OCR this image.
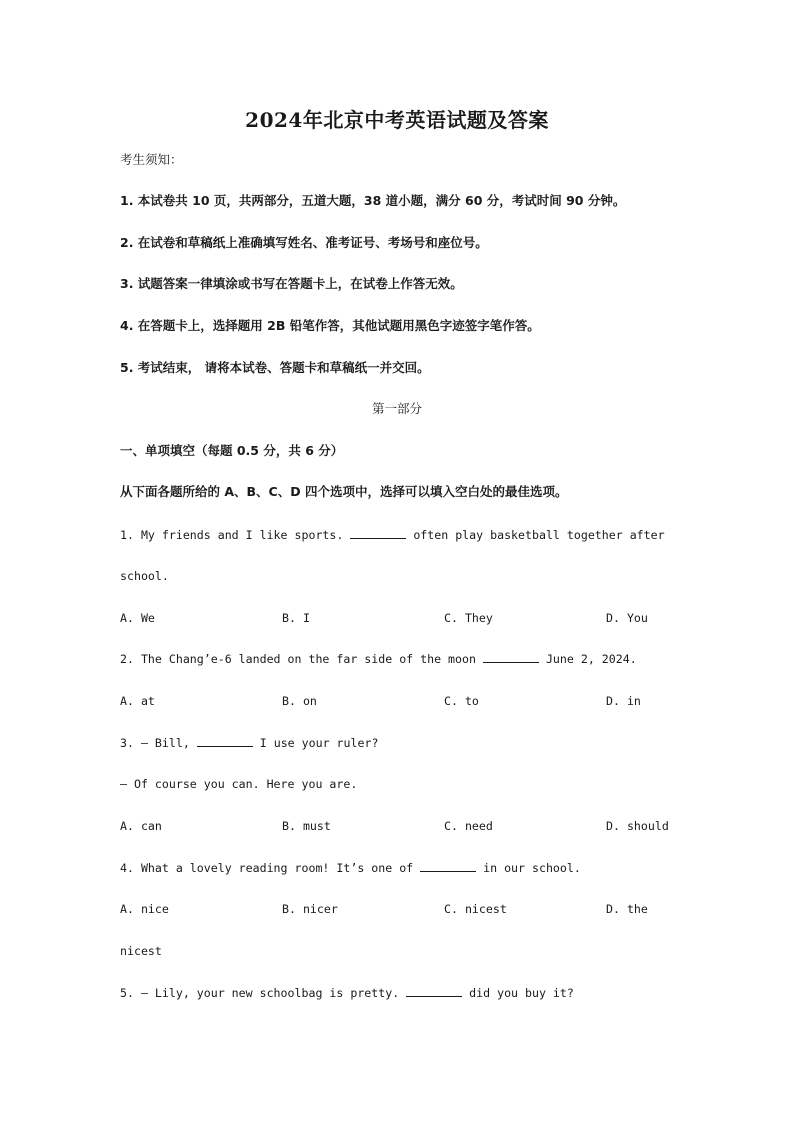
2024年北京中考英语试题及答案
考生须知：
1. 本试卷共 10 页，共两部分，五道大题，38 道小题，满分 60 分，考试时间 90 分钟。
2. 在试卷和草稿纸上准确填写姓名、准考证号、考场号和座位号。
3. 试题答案一律填涂或书写在答题卡上，在试卷上作答无效。
4. 在答题卡上，选择题用 2B 铅笔作答，其他试题用黑色字迹签字笔作答。
5. 考试结束， 请将本试卷、答题卡和草稿纸一并交回。
第一部分
一、单项填空（每题 0.5 分，共 6 分）
从下面各题所给的 A、B、C、D 四个选项中，选择可以填入空白处的最佳选项。
1. My friends and I like sports.	often play basketball together after
school.
A. We	B. I	C. They	D. You
2. The Chang’e-6 landed on the far side of the moon	June 2, 2024.
A. at	B. on	C. to	D. in
3. — Bill,	I use your ruler?
— Of course you can. Here you are.
A. can	B. must	C. need	D. should
4. What a lovely reading room! It’s one of	in our school.
A. nice	B. nicer	C. nicest	D. the
nicest
5. — Lily, your new schoolbag is pretty.	did you buy it?
